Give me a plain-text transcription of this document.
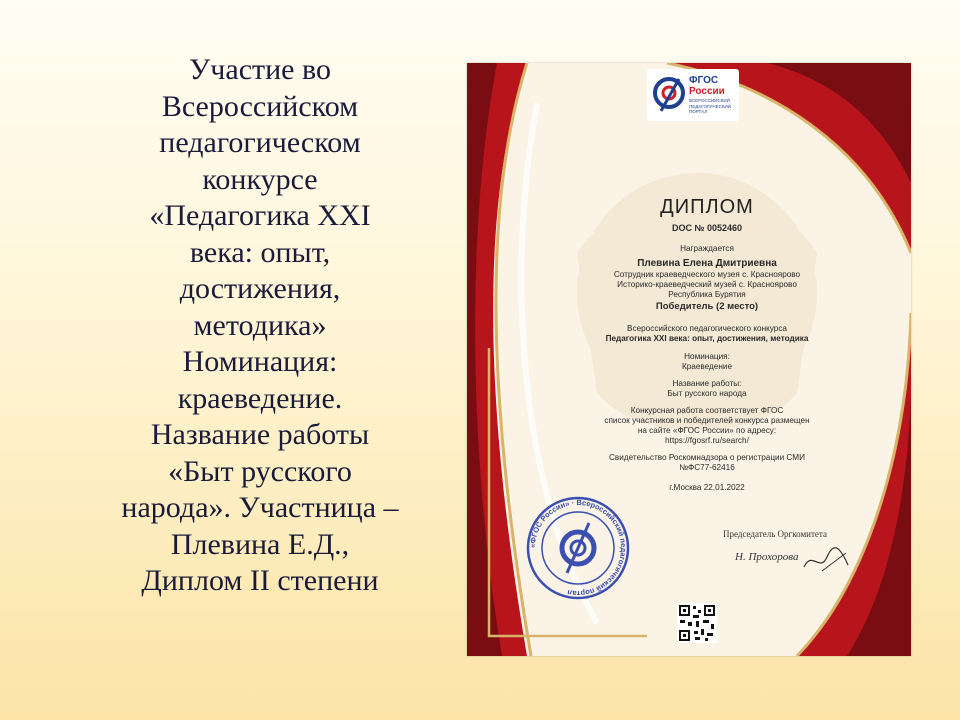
Участие во
Всероссийском
педагогическом
конкурсе
«Педагогика XXI
века: опыт,
достижения,
методика»
Номинация:
краеведение.
Название работы
«Быт русского
народа». Участница –
Плевина Е.Д.,
Диплом II степени
ФГОС
России
ВСЕРОССИЙСКИЙ ПЕДАГОГИЧЕСКИЙ ПОРТАЛ
ДИПЛОМ
DOC № 0052460
Награждается
Плевина Елена Дмитриевна
Сотрудник краеведческого музея с. Красноярово
Историко-краеведческий музей с. Красноярово
Республика Бурятия
Победитель (2 место)
Всероссийского педагогического конкурса
Педагогика XXI века: опыт, достижения, методика
Номинация:
Краеведение
Название работы:
Быт русского народа
Конкурсная работа соответствует ФГОС
список участников и победителей конкурса размещен
на сайте «ФГОС России» по адресу:
https://fgosrf.ru/search/
Свидетельство Роскомнадзора о регистрации СМИ
№ФС77-62416
г.Москва 22.01.2022
Председатель Оргкомитета
Н. Прохорова
«ФГОС России» · Всероссийский педагогический портал
